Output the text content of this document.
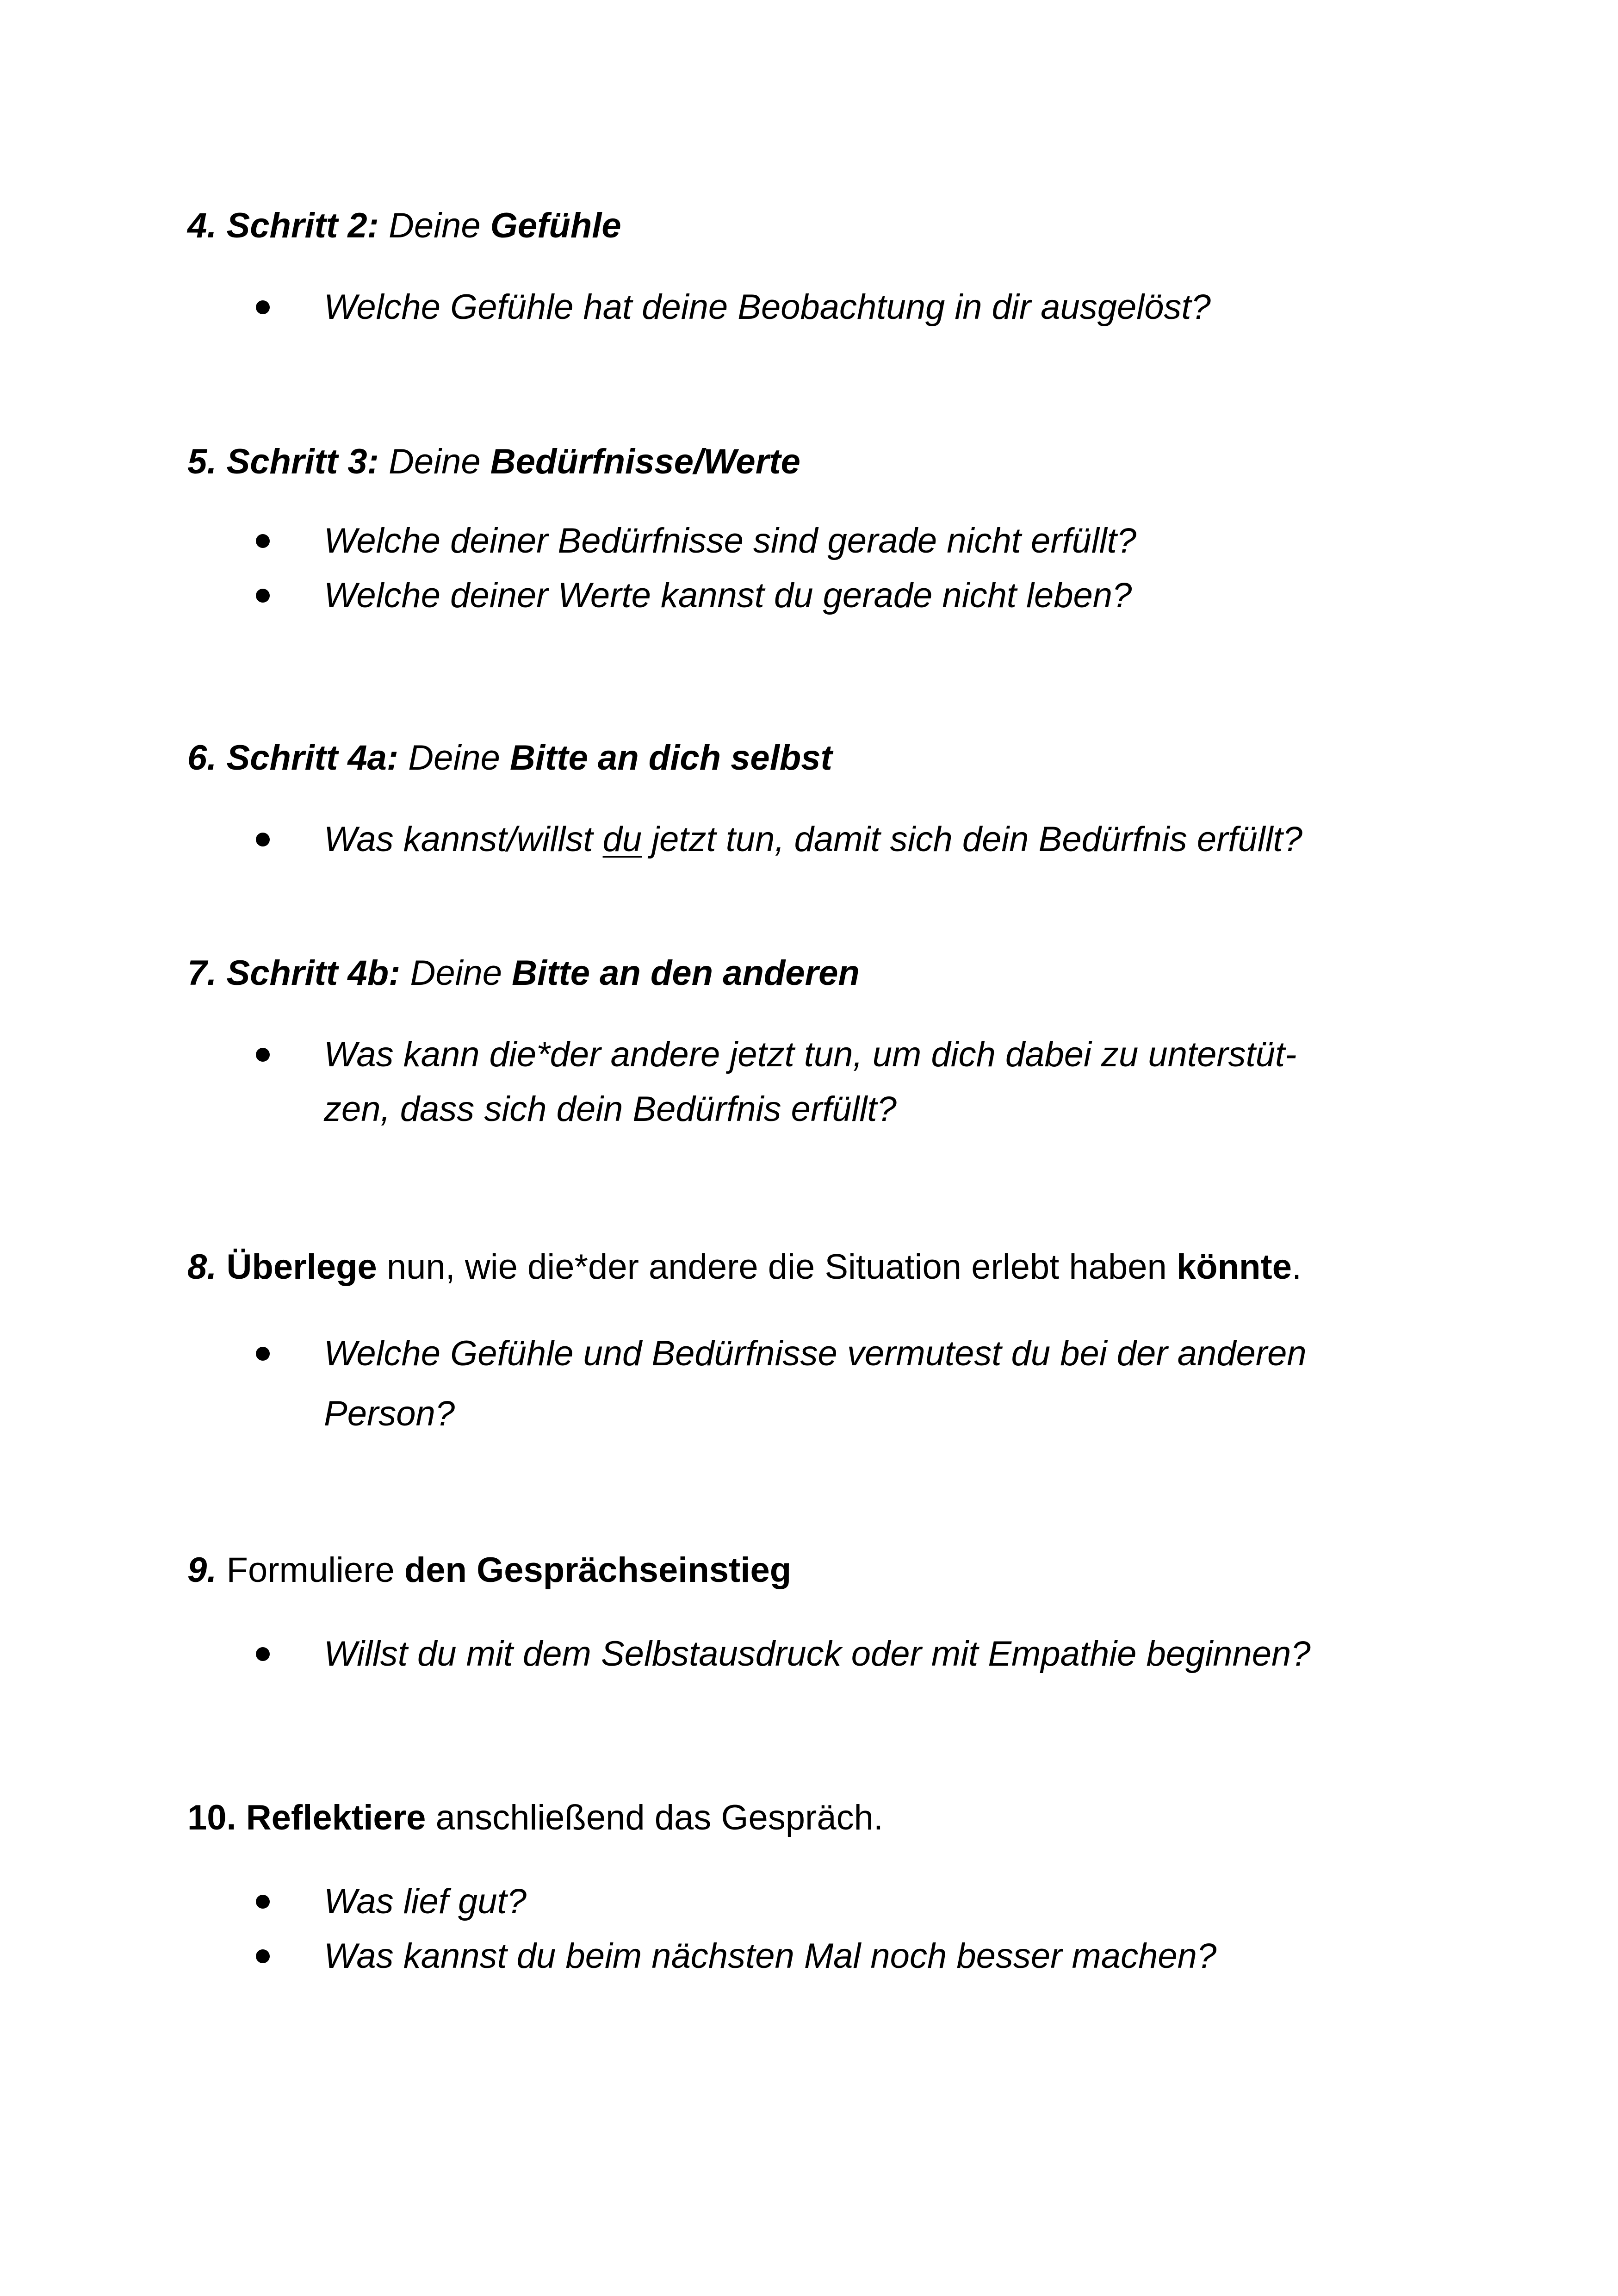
4. Schritt 2: Deine Gefühle

Welche Gefühle hat deine Beobachtung in dir ausgelöst?

5. Schritt 3: Deine Bedürfnisse/Werte

Welche deiner Bedürfnisse sind gerade nicht erfüllt?
Welche deiner Werte kannst du gerade nicht leben?

6. Schritt 4a: Deine Bitte an dich selbst

Was kannst/willst du jetzt tun, damit sich dein Bedürfnis erfüllt?

7. Schritt 4b: Deine Bitte an den anderen

Was kann die*der andere jetzt tun, um dich dabei zu unterstüt-
zen, dass sich dein Bedürfnis erfüllt?

8. Überlege nun, wie die*der andere die Situation erlebt haben könnte.

Welche Gefühle und Bedürfnisse vermutest du bei der anderen
Person?

9. Formuliere den Gesprächseinstieg

Willst du mit dem Selbstausdruck oder mit Empathie beginnen?

10. Reflektiere anschließend das Gespräch.

Was lief gut?
Was kannst du beim nächsten Mal noch besser machen?
